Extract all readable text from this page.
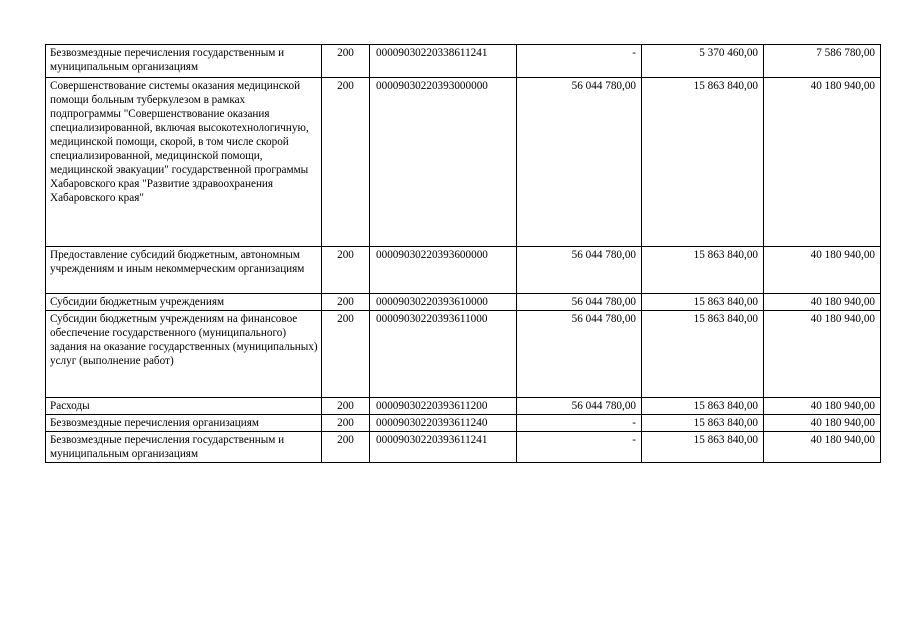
Безвозмездные перечисления государственным и муниципальным организациям	200	00009030220338611241	-	5 370 460,00	7 586 780,00
Совершенствование системы оказания медицинской помощи больным туберкулезом в рамках подпрограммы "Совершенствование оказания специализированной, включая высокотехнологичную, медицинской помощи, скорой, в том числе скорой специализированной, медицинской помощи, медицинской эвакуации" государственной программы Хабаровского края "Развитие здравоохранения Хабаровского края"	200	00009030220393000000	56 044 780,00	15 863 840,00	40 180 940,00
Предоставление субсидий бюджетным, автономным учреждениям и иным некоммерческим организациям	200	00009030220393600000	56 044 780,00	15 863 840,00	40 180 940,00
Субсидии бюджетным учреждениям	200	00009030220393610000	56 044 780,00	15 863 840,00	40 180 940,00
Субсидии бюджетным учреждениям на финансовое обеспечение государственного (муниципального) задания на оказание государственных (муниципальных) услуг (выполнение работ)	200	00009030220393611000	56 044 780,00	15 863 840,00	40 180 940,00
Расходы	200	00009030220393611200	56 044 780,00	15 863 840,00	40 180 940,00
Безвозмездные перечисления организациям	200	00009030220393611240	-	15 863 840,00	40 180 940,00
Безвозмездные перечисления государственным и муниципальным организациям	200	00009030220393611241	-	15 863 840,00	40 180 940,00
